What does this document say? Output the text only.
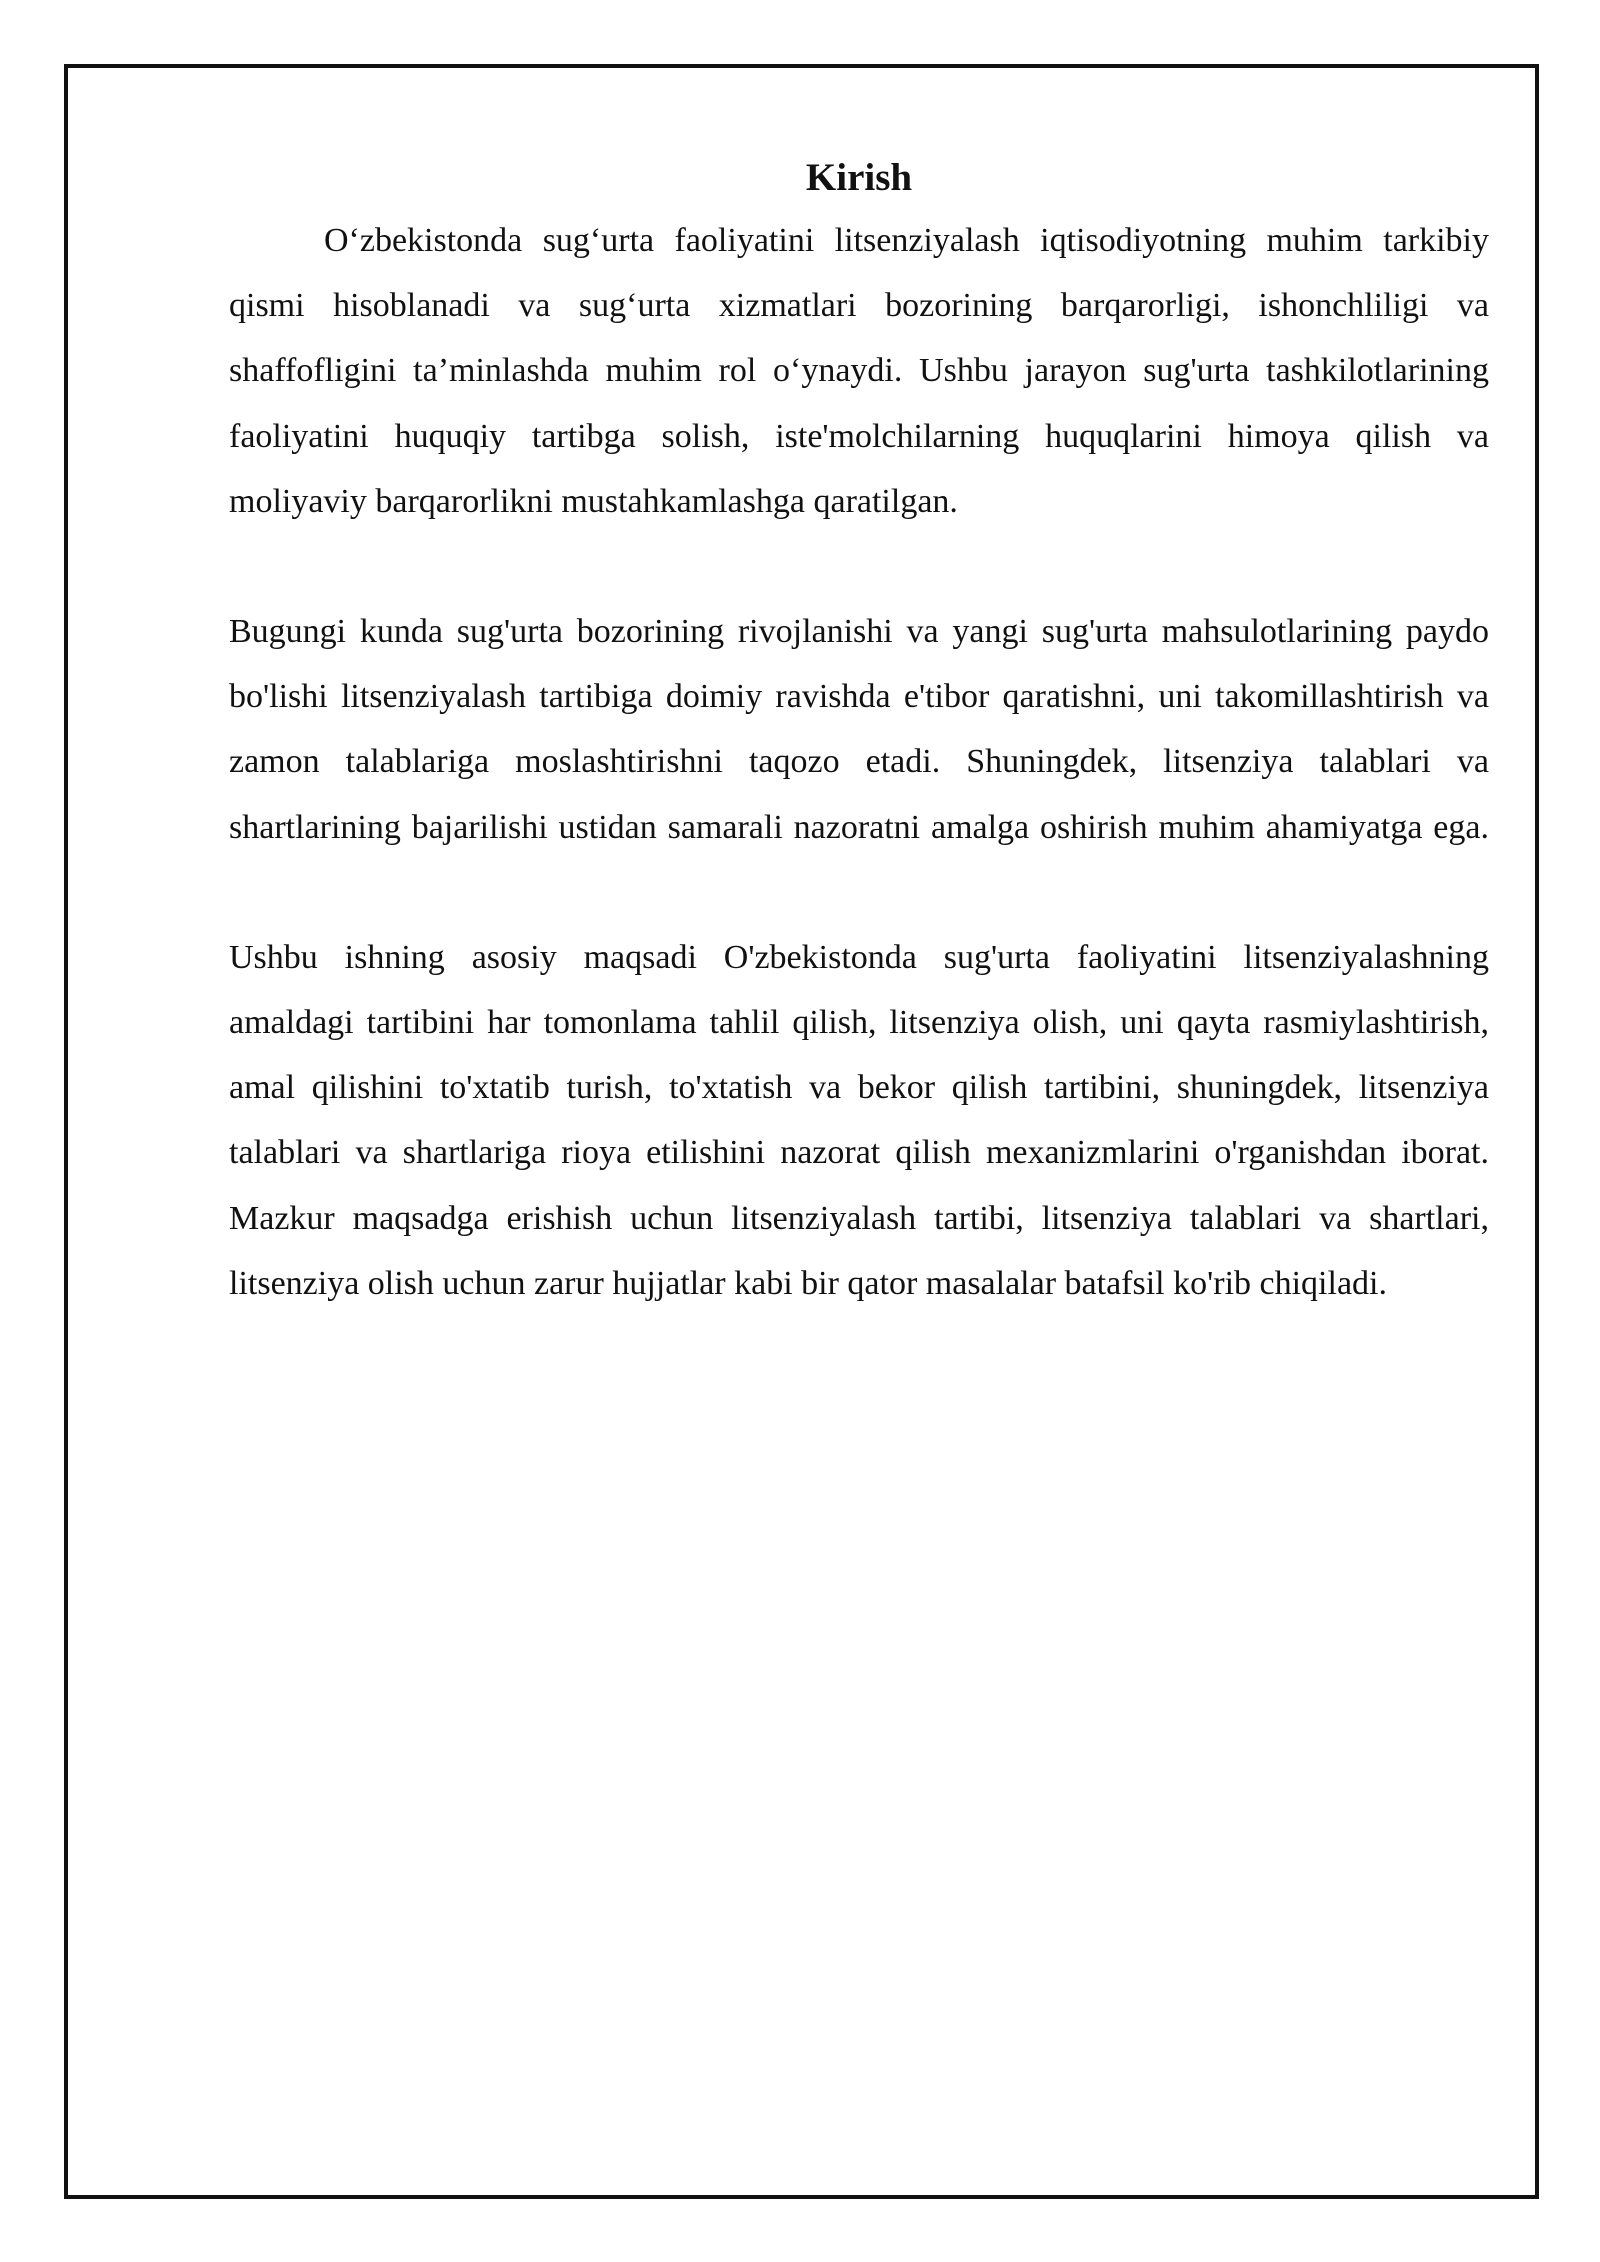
Kirish

O‘zbekistonda sug‘urta faoliyatini litsenziyalash iqtisodiyotning muhim tarkibiy qismi hisoblanadi va sug‘urta xizmatlari bozorining barqarorligi, ishonchliligi va shaffofligini ta’minlashda muhim rol o‘ynaydi. Ushbu jarayon sug'urta tashkilotlarining faoliyatini huquqiy tartibga solish, iste'molchilarning huquqlarini himoya qilish va moliyaviy barqarorlikni mustahkamlashga qaratilgan.

Bugungi kunda sug'urta bozorining rivojlanishi va yangi sug'urta mahsulotlarining paydo bo'lishi litsenziyalash tartibiga doimiy ravishda e'tibor qaratishni, uni takomillashtirish va zamon talablariga moslashtirishni taqozo etadi. Shuningdek, litsenziya talablari va shartlarining bajarilishi ustidan samarali nazoratni amalga oshirish muhim ahamiyatga ega.

Ushbu ishning asosiy maqsadi O'zbekistonda sug'urta faoliyatini litsenziyalashning amaldagi tartibini har tomonlama tahlil qilish, litsenziya olish, uni qayta rasmiylashtirish, amal qilishini to'xtatib turish, to'xtatish va bekor qilish tartibini, shuningdek, litsenziya talablari va shartlariga rioya etilishini nazorat qilish mexanizmlarini o'rganishdan iborat. Mazkur maqsadga erishish uchun litsenziyalash tartibi, litsenziya talablari va shartlari, litsenziya olish uchun zarur hujjatlar kabi bir qator masalalar batafsil ko'rib chiqiladi.
